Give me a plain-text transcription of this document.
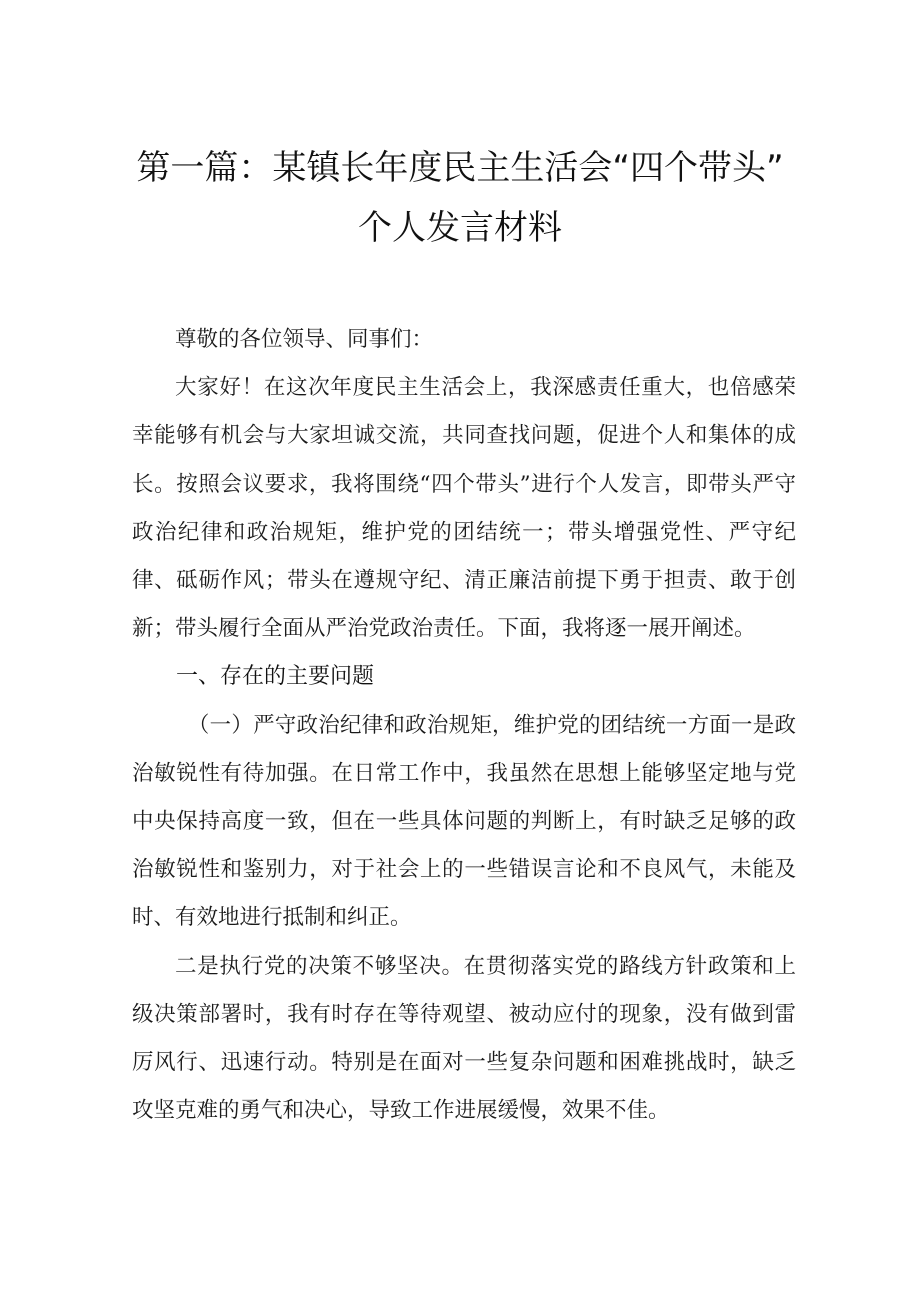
第一篇：某镇长年度民主生活会“四个带头”
个人发言材料

尊敬的各位领导、同事们：

大家好！在这次年度民主生活会上，我深感责任重大，也倍感荣幸能够有机会与大家坦诚交流，共同查找问题，促进个人和集体的成长。按照会议要求，我将围绕“四个带头”进行个人发言，即带头严守政治纪律和政治规矩，维护党的团结统一；带头增强党性、严守纪律、砥砺作风；带头在遵规守纪、清正廉洁前提下勇于担责、敢于创新；带头履行全面从严治党政治责任。下面，我将逐一展开阐述。

一、存在的主要问题

（一）严守政治纪律和政治规矩，维护党的团结统一方面一是政治敏锐性有待加强。在日常工作中，我虽然在思想上能够坚定地与党中央保持高度一致，但在一些具体问题的判断上，有时缺乏足够的政治敏锐性和鉴别力，对于社会上的一些错误言论和不良风气，未能及时、有效地进行抵制和纠正。

二是执行党的决策不够坚决。在贯彻落实党的路线方针政策和上级决策部署时，我有时存在等待观望、被动应付的现象，没有做到雷厉风行、迅速行动。特别是在面对一些复杂问题和困难挑战时，缺乏攻坚克难的勇气和决心，导致工作进展缓慢，效果不佳。
